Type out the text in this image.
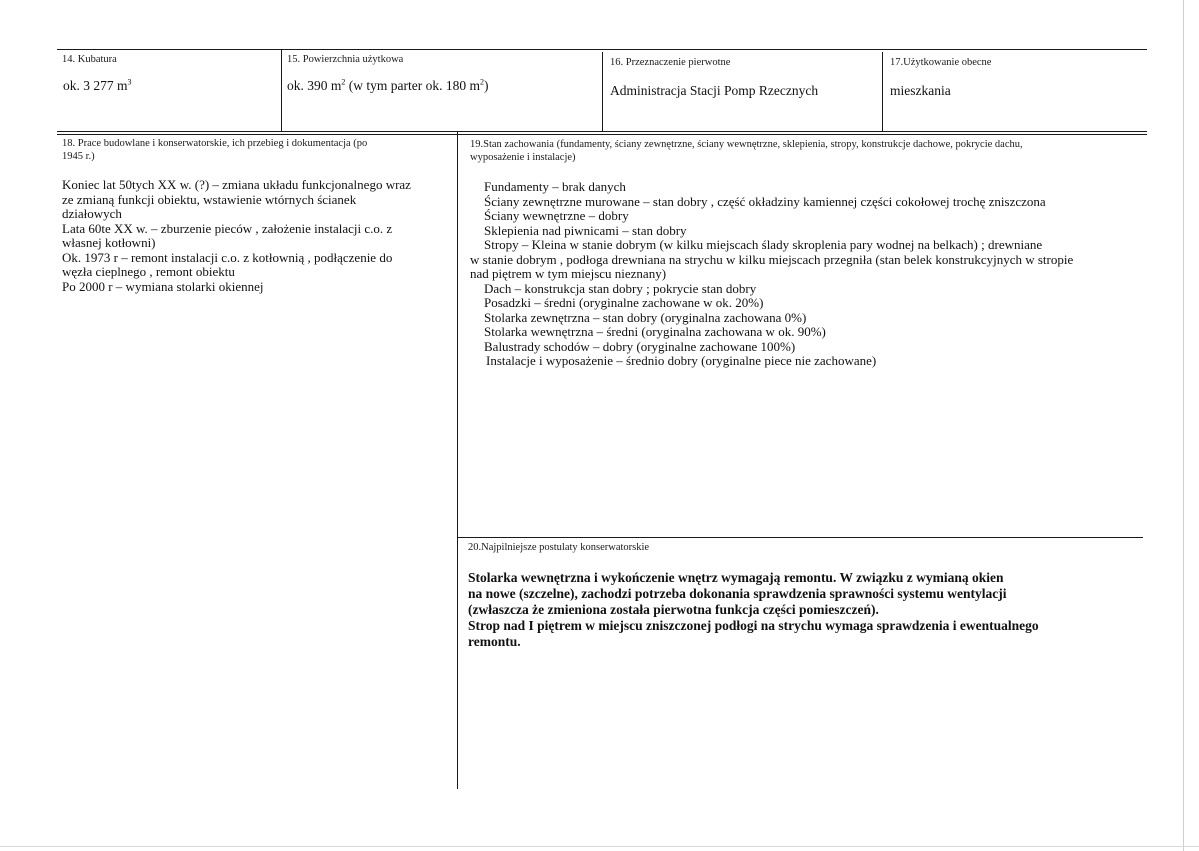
14. Kubatura
ok. 3 277 $m^3$
15. Powierzchnia użytkowa
ok. 390 $m^2$ (w tym parter ok. 180 $m^2$)
16. Przeznaczenie pierwotne
Administracja Stacji Pomp Rzecznych
17.Użytkowanie obecne
mieszkania
18. Prace budowlane i konserwatorskie, ich przebieg i dokumentacja (po
1945 r.)
Koniec lat 50tych XX w. (?) – zmiana układu funkcjonalnego wraz
ze zmianą funkcji obiektu, wstawienie wtórnych ścianek
działowych
Lata 60te XX w. – zburzenie pieców , założenie instalacji c.o. z
własnej kotłowni)
Ok. 1973 r – remont instalacji c.o. z kotłownią , podłączenie do
węzła cieplnego , remont obiektu
Po 2000 r – wymiana stolarki okiennej
19.Stan zachowania (fundamenty, ściany zewnętrzne, ściany wewnętrzne, sklepienia, stropy, konstrukcje dachowe, pokrycie dachu,
wyposażenie i instalacje)
Fundamenty – brak danych
Ściany zewnętrzne murowane – stan dobry , część okładziny kamiennej części cokołowej trochę zniszczona
Ściany wewnętrzne – dobry
Sklepienia nad piwnicami – stan dobry
Stropy – Kleina w stanie dobrym (w kilku miejscach ślady skroplenia pary wodnej na belkach) ; drewniane
w stanie dobrym , podłoga drewniana na strychu w kilku miejscach przegniła (stan belek konstrukcyjnych w stropie
nad piętrem w tym miejscu nieznany)
Dach – konstrukcja stan dobry ; pokrycie stan dobry
Posadzki – średni (oryginalne zachowane w ok. 20%)
Stolarka zewnętrzna – stan dobry (oryginalna zachowana 0%)
Stolarka wewnętrzna – średni (oryginalna zachowana w ok. 90%)
Balustrady schodów – dobry (oryginalne zachowane 100%)
Instalacje i wyposażenie – średnio dobry (oryginalne piece nie zachowane)
20.Najpilniejsze postulaty konserwatorskie
Stolarka wewnętrzna i wykończenie wnętrz wymagają remontu. W związku z wymianą okien
na nowe (szczelne), zachodzi potrzeba dokonania sprawdzenia sprawności systemu wentylacji
(zwłaszcza że zmieniona została pierwotna funkcja części pomieszczeń).
Strop nad I piętrem w miejscu zniszczonej podłogi na strychu wymaga sprawdzenia i ewentualnego
remontu.
